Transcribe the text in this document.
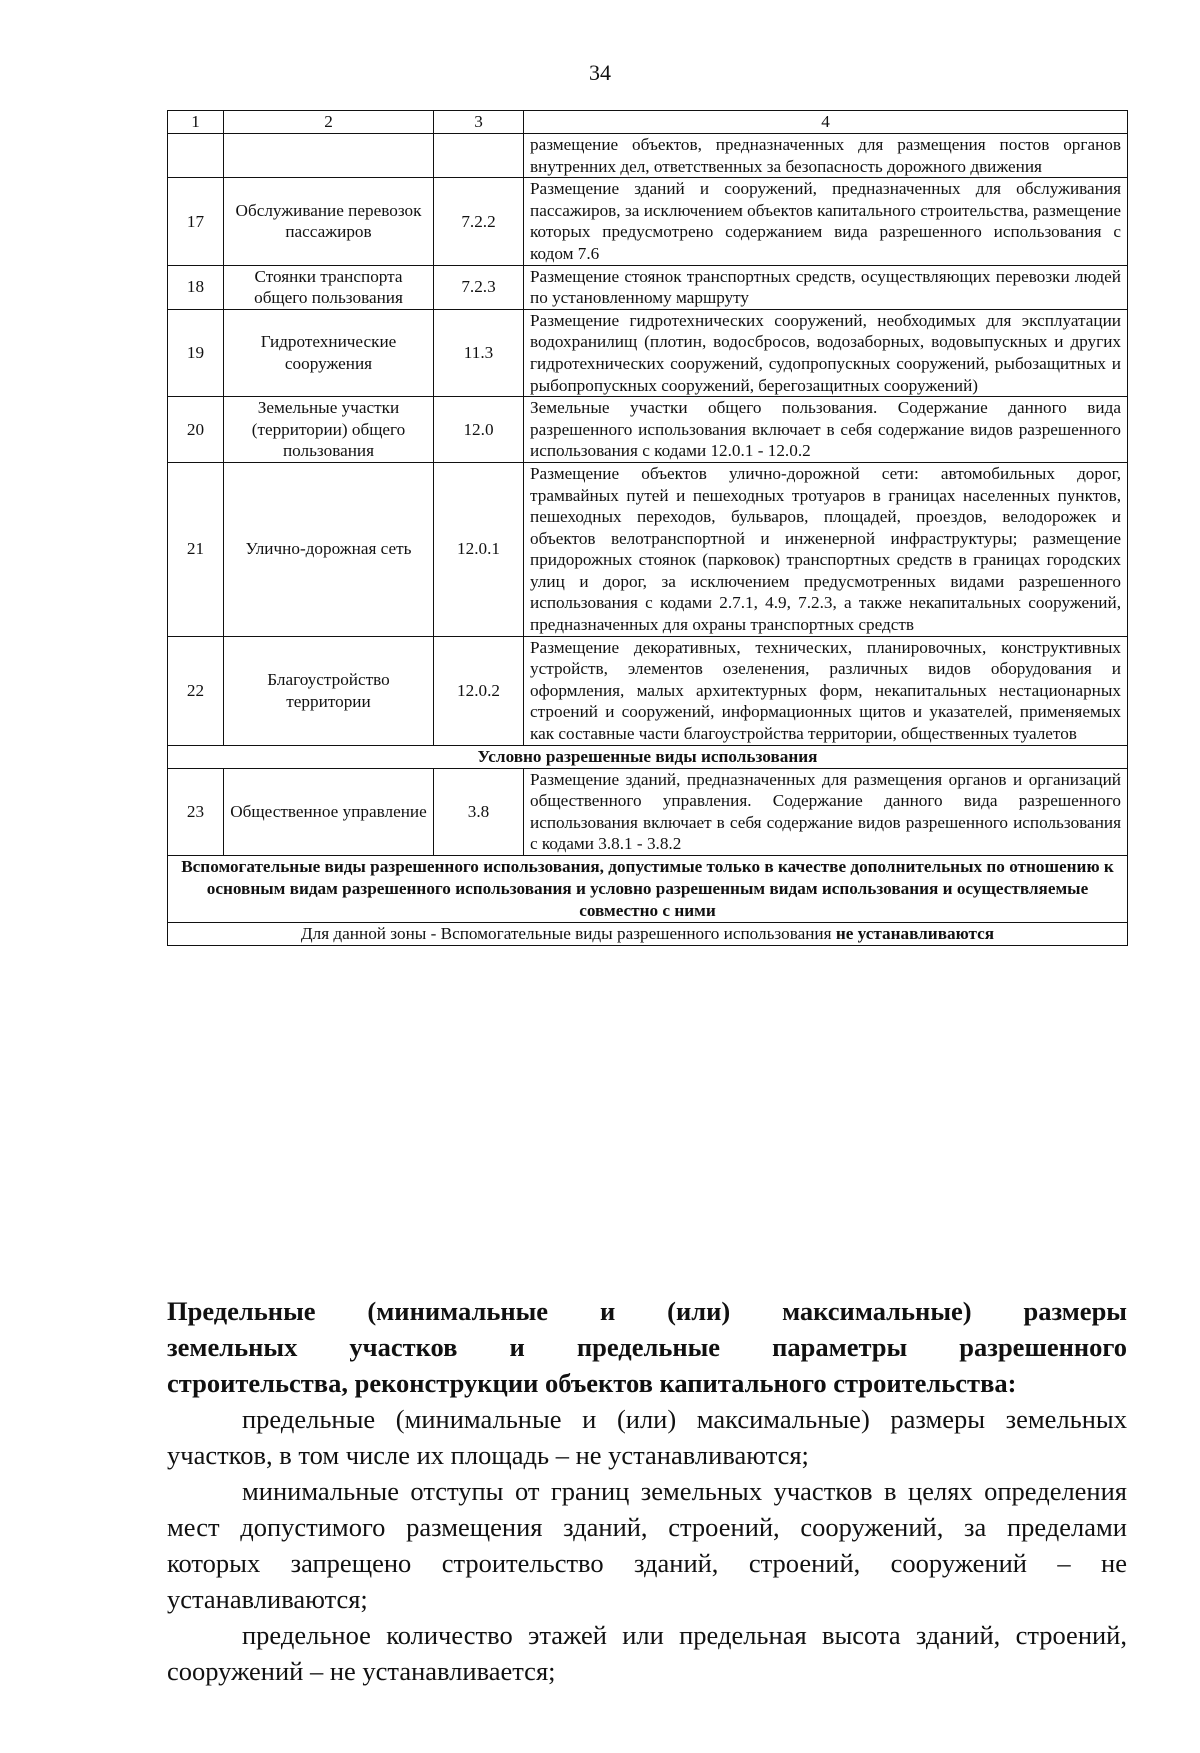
34
1	2	3	4
			размещение объектов, предназначенных для размещения постов органов внутренних дел, ответственных за безопасность дорожного движения
17	Обслуживание перевозок пассажиров	7.2.2	Размещение зданий и сооружений, предназначенных для обслуживания пассажиров, за исключением объектов капитального строительства, размещение которых предусмотрено содержанием вида разрешенного использования с кодом 7.6
18	Стоянки транспорта общего пользования	7.2.3	Размещение стоянок транспортных средств, осуществляющих перевозки людей по установленному маршруту
19	Гидротехнические сооружения	11.3	Размещение гидротехнических сооружений, необходимых для эксплуатации водохранилищ (плотин, водосбросов, водозаборных, водовыпускных и других гидротехнических сооружений, судопропускных сооружений, рыбозащитных и рыбопропускных сооружений, берегозащитных сооружений)
20	Земельные участки (территории) общего пользования	12.0	Земельные участки общего пользования. Содержание данного вида разрешенного использования включает в себя содержание видов разрешенного использования с кодами 12.0.1 - 12.0.2
21	Улично-дорожная сеть	12.0.1	Размещение объектов улично-дорожной сети: автомобильных дорог, трамвайных путей и пешеходных тротуаров в границах населенных пунктов, пешеходных переходов, бульваров, площадей, проездов, велодорожек и объектов велотранспортной и инженерной инфраструктуры; размещение придорожных стоянок (парковок) транспортных средств в границах городских улиц и дорог, за исключением предусмотренных видами разрешенного использования с кодами 2.7.1, 4.9, 7.2.3, а также некапитальных сооружений, предназначенных для охраны транспортных средств
22	Благоустройство территории	12.0.2	Размещение декоративных, технических, планировочных, конструктивных устройств, элементов озеленения, различных видов оборудования и оформления, малых архитектурных форм, некапитальных нестационарных строений и сооружений, информационных щитов и указателей, применяемых как составные части благоустройства территории, общественных туалетов
Условно разрешенные виды использования			
23	Общественное управление	3.8	Размещение зданий, предназначенных для размещения органов и организаций общественного управления. Содержание данного вида разрешенного использования включает в себя содержание видов разрешенного использования с кодами 3.8.1 - 3.8.2
Вспомогательные виды разрешенного использования, допустимые только в качестве дополнительных по отношению к основным видам разрешенного использования и условно разрешенным видам использования и осуществляемые совместно с ними			
Для данной зоны - Вспомогательные виды разрешенного использования не устанавливаются			
Предельные (минимальные и (или) максимальные) размеры
земельных участков и предельные параметры разрешенного
строительства, реконструкции объектов капитального строительства:
предельные (минимальные и (или) максимальные) размеры земельных участков, в том числе их площадь – не устанавливаются;
минимальные отступы от границ земельных участков в целях определения мест допустимого размещения зданий, строений, сооружений, за пределами которых запрещено строительство зданий, строений, сооружений – не устанавливаются;
предельное количество этажей или предельная высота зданий, строений, сооружений – не устанавливается;
